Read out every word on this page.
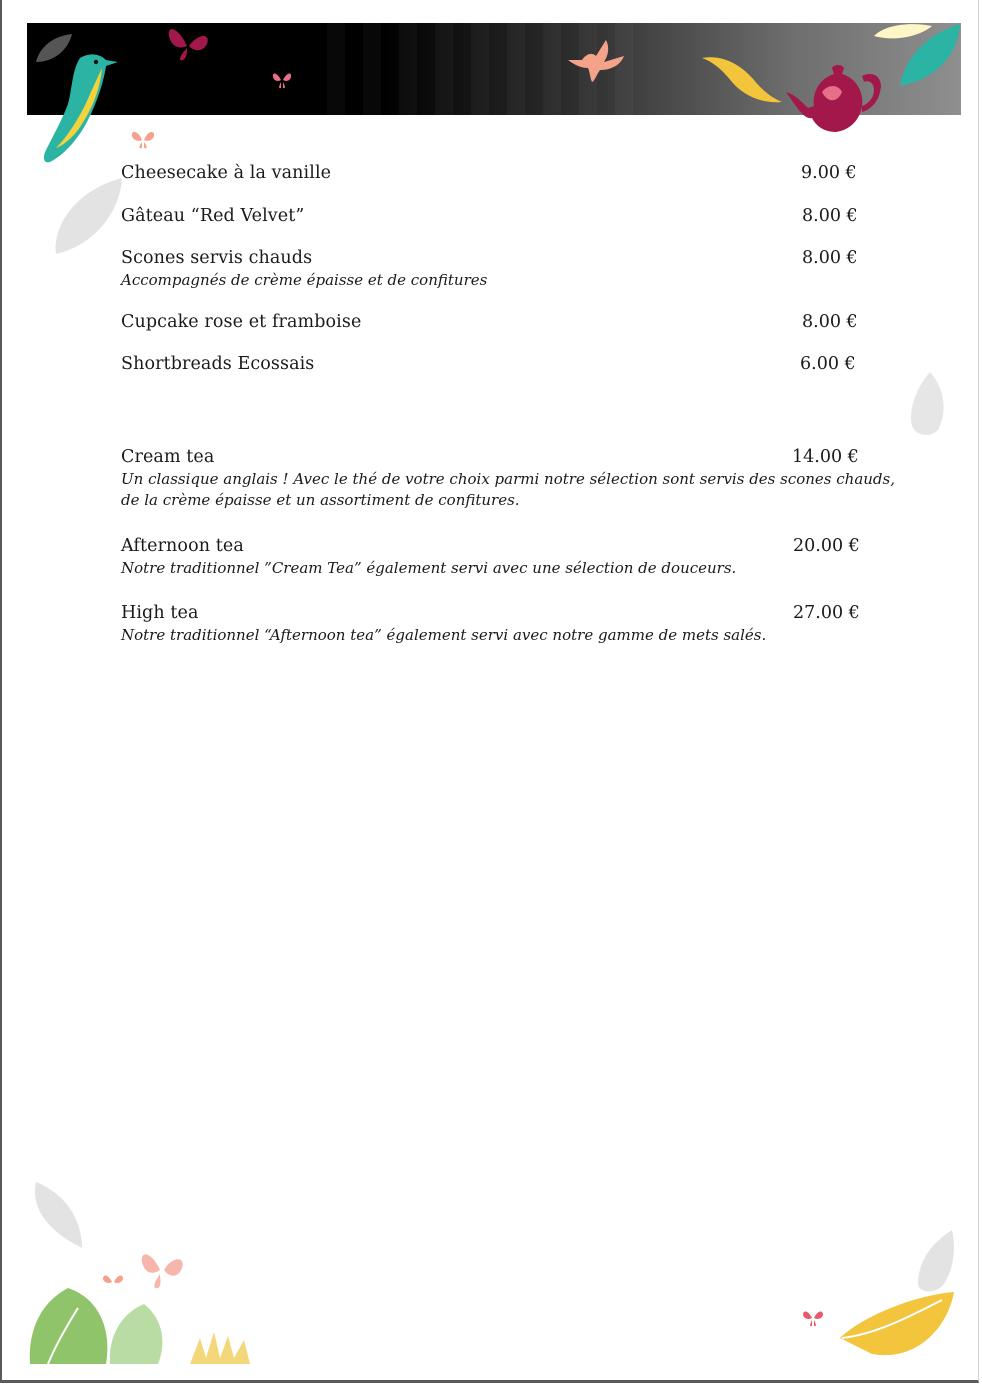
Cheesecake à la vanille	9.00 €
Gâteau “Red Velvet”	8.00 €
Scones servis chauds	8.00 €
Accompagnés de crème épaisse et de confitures
Cupcake rose et framboise	8.00 €
Shortbreads Ecossais	6.00 €
Cream tea	14.00 €
Un classique anglais ! Avec le thé de votre choix parmi notre sélection sont servis des scones chauds,
de la crème épaisse et un assortiment de confitures.
Afternoon tea	20.00 €
Notre traditionnel ”Cream Tea” également servi avec une sélection de douceurs.
High tea	27.00 €
Notre traditionnel “Afternoon tea” également servi avec notre gamme de mets salés.
